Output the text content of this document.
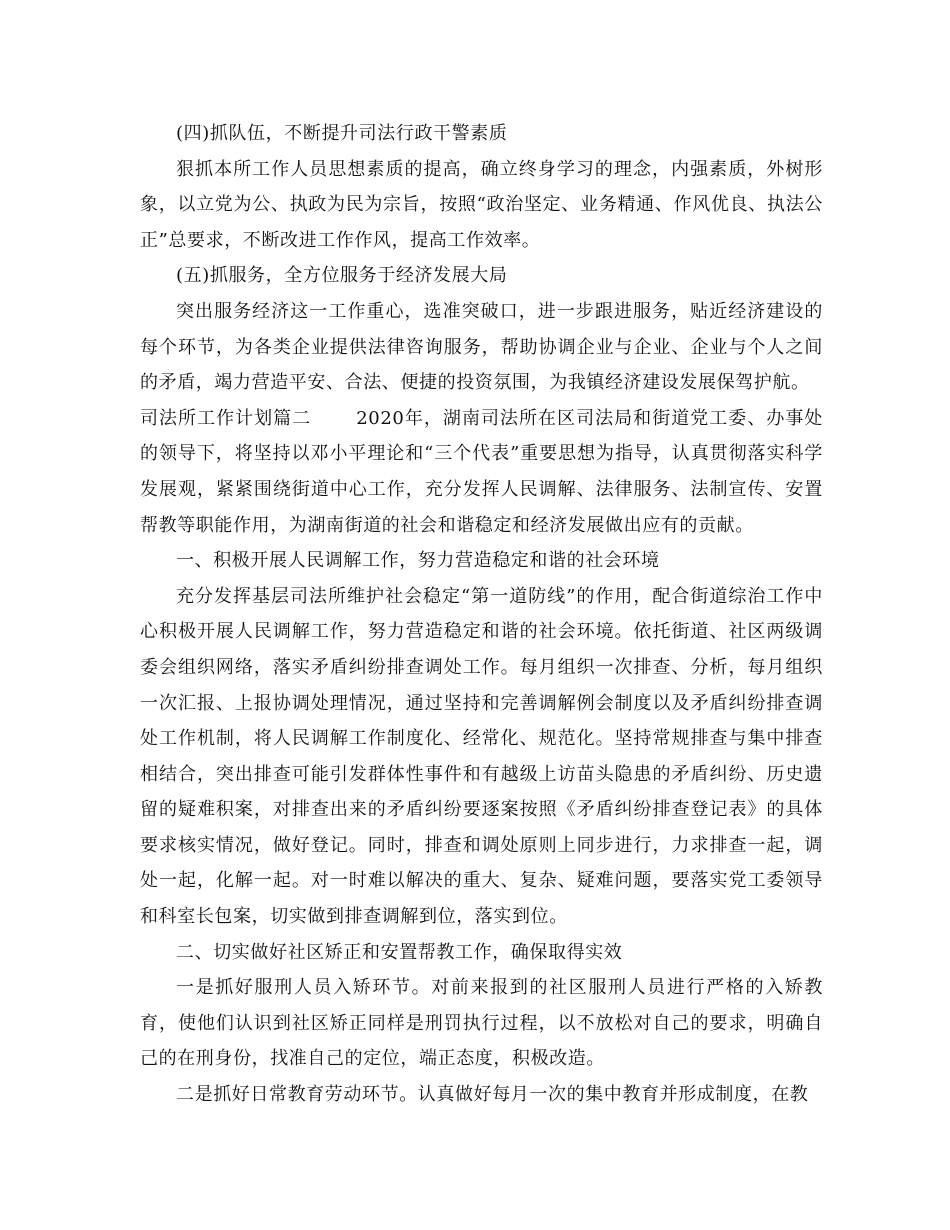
(四)抓队伍，不断提升司法行政干警素质

狠抓本所工作人员思想素质的提高，确立终身学习的理念，内强素质，外树形象，以立党为公、执政为民为宗旨，按照“政治坚定、业务精通、作风优良、执法公正”总要求，不断改进工作作风，提高工作效率。

(五)抓服务，全方位服务于经济发展大局

突出服务经济这一工作重心，选准突破口，进一步跟进服务，贴近经济建设的每个环节，为各类企业提供法律咨询服务，帮助协调企业与企业、企业与个人之间的矛盾，竭力营造平安、合法、便捷的投资氛围，为我镇经济建设发展保驾护航。

司法所工作计划篇二	2020年，湖南司法所在区司法局和街道党工委、办事处的领导下，将坚持以邓小平理论和“三个代表”重要思想为指导，认真贯彻落实科学发展观，紧紧围绕街道中心工作，充分发挥人民调解、法律服务、法制宣传、安置帮教等职能作用，为湖南街道的社会和谐稳定和经济发展做出应有的贡献。

一、积极开展人民调解工作，努力营造稳定和谐的社会环境

充分发挥基层司法所维护社会稳定“第一道防线”的作用，配合街道综治工作中心积极开展人民调解工作，努力营造稳定和谐的社会环境。依托街道、社区两级调委会组织网络，落实矛盾纠纷排查调处工作。每月组织一次排查、分析，每月组织一次汇报、上报协调处理情况，通过坚持和完善调解例会制度以及矛盾纠纷排查调处工作机制，将人民调解工作制度化、经常化、规范化。坚持常规排查与集中排查相结合，突出排查可能引发群体性事件和有越级上访苗头隐患的矛盾纠纷、历史遗留的疑难积案，对排查出来的矛盾纠纷要逐案按照《矛盾纠纷排查登记表》的具体要求核实情况，做好登记。同时，排查和调处原则上同步进行，力求排查一起，调处一起，化解一起。对一时难以解决的重大、复杂、疑难问题，要落实党工委领导和科室长包案，切实做到排查调解到位，落实到位。

二、切实做好社区矫正和安置帮教工作，确保取得实效

一是抓好服刑人员入矫环节。对前来报到的社区服刑人员进行严格的入矫教育，使他们认识到社区矫正同样是刑罚执行过程，以不放松对自己的要求，明确自己的在刑身份，找准自己的定位，端正态度，积极改造。

二是抓好日常教育劳动环节。认真做好每月一次的集中教育并形成制度，在教
